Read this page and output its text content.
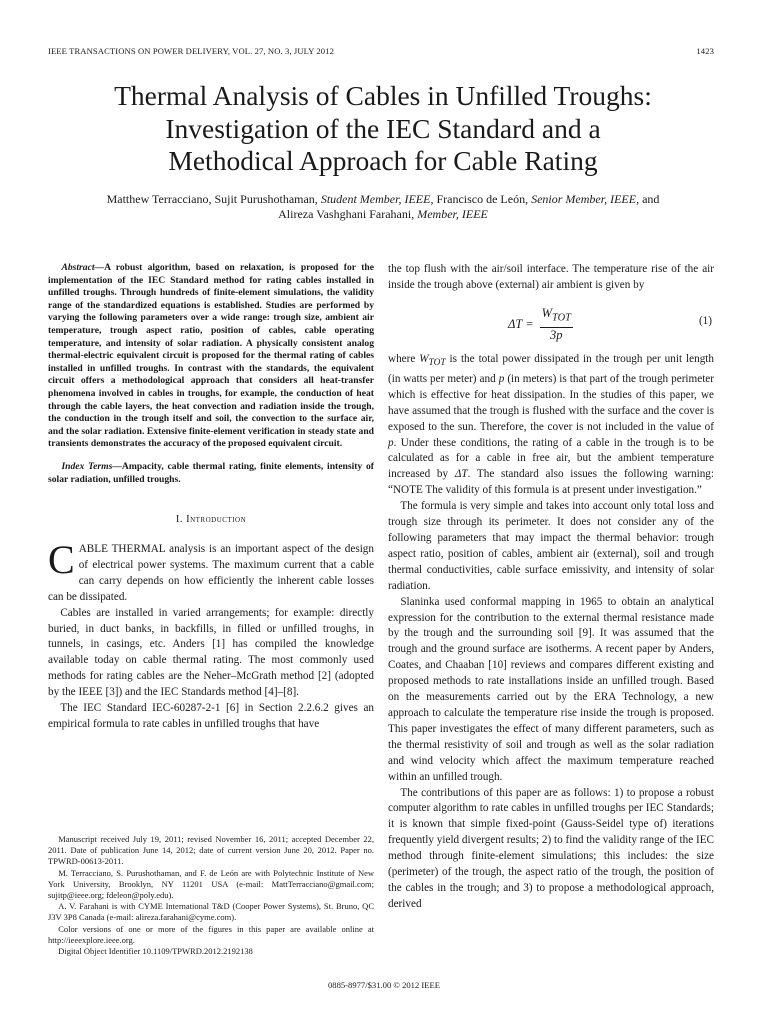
IEEE TRANSACTIONS ON POWER DELIVERY, VOL. 27, NO. 3, JULY 2012	1423
Thermal Analysis of Cables in Unfilled Troughs:
Investigation of the IEC Standard and a
Methodical Approach for Cable Rating
Matthew Terracciano, Sujit Purushothaman, Student Member, IEEE, Francisco de León, Senior Member, IEEE, and
Alireza Vashghani Farahani, Member, IEEE

Abstract—A robust algorithm, based on relaxation, is proposed for the implementation of the IEC Standard method for rating cables installed in unfilled troughs. Through hundreds of finite-element simulations, the validity range of the standardized equations is established. Studies are performed by varying the following parameters over a wide range: trough size, ambient air temperature, trough aspect ratio, position of cables, cable operating temperature, and intensity of solar radiation. A physically consistent analog thermal-electric equivalent circuit is proposed for the thermal rating of cables installed in unfilled troughs. In contrast with the standards, the equivalent circuit offers a methodological approach that considers all heat-transfer phenomena involved in cables in troughs, for example, the conduction of heat through the cable layers, the heat convection and radiation inside the trough, the conduction in the trough itself and soil, the convection to the surface air, and the solar radiation. Extensive finite-element verification in steady state and transients demonstrates the accuracy of the proposed equivalent circuit.

Index Terms—Ampacity, cable thermal rating, finite elements, intensity of solar radiation, unfilled troughs.

I. Introduction

CABLE THERMAL analysis is an important aspect of the design of electrical power systems. The maximum current that a cable can carry depends on how efficiently the inherent cable losses can be dissipated.

Cables are installed in varied arrangements; for example: directly buried, in duct banks, in backfills, in filled or unfilled troughs, in tunnels, in casings, etc. Anders [1] has compiled the knowledge available today on cable thermal rating. The most commonly used methods for rating cables are the Neher–McGrath method [2] (adopted by the IEEE [3]) and the IEC Standards method [4]–[8].

The IEC Standard IEC-60287-2-1 [6] in Section 2.2.6.2 gives an empirical formula to rate cables in unfilled troughs that have

the top flush with the air/soil interface. The temperature rise of the air inside the trough above (external) air ambient is given by

$\Delta T = \frac{W_{TOT}}{3p}$	(1)

where $W_{TOT}$ is the total power dissipated in the trough per unit length (in watts per meter) and p (in meters) is that part of the trough perimeter which is effective for heat dissipation. In the studies of this paper, we have assumed that the trough is flushed with the surface and the cover is exposed to the sun. Therefore, the cover is not included in the value of p. Under these conditions, the rating of a cable in the trough is to be calculated as for a cable in free air, but the ambient temperature increased by ΔT. The standard also issues the following warning: “NOTE The validity of this formula is at present under investigation.”

The formula is very simple and takes into account only total loss and trough size through its perimeter. It does not consider any of the following parameters that may impact the thermal behavior: trough aspect ratio, position of cables, ambient air (external), soil and trough thermal conductivities, cable surface emissivity, and intensity of solar radiation.

Slaninka used conformal mapping in 1965 to obtain an analytical expression for the contribution to the external thermal resistance made by the trough and the surrounding soil [9]. It was assumed that the trough and the ground surface are isotherms. A recent paper by Anders, Coates, and Chaaban [10] reviews and compares different existing and proposed methods to rate installations inside an unfilled trough. Based on the measurements carried out by the ERA Technology, a new approach to calculate the temperature rise inside the trough is proposed. This paper investigates the effect of many different parameters, such as the thermal resistivity of soil and trough as well as the solar radiation and wind velocity which affect the maximum temperature reached within an unfilled trough.

The contributions of this paper are as follows: 1) to propose a robust computer algorithm to rate cables in unfilled troughs per IEC Standards; it is known that simple fixed-point (Gauss-Seidel type of) iterations frequently yield divergent results; 2) to find the validity range of the IEC method through finite-element simulations; this includes: the size (perimeter) of the trough, the aspect ratio of the trough, the position of the cables in the trough; and 3) to propose a methodological approach, derived

Manuscript received July 19, 2011; revised November 16, 2011; accepted December 22, 2011. Date of publication June 14, 2012; date of current version June 20, 2012. Paper no. TPWRD-00613-2011.

M. Terracciano, S. Purushothaman, and F. de León are with Polytechnic Institute of New York University, Brooklyn, NY 11201 USA (e-mail: MattTerracciano@gmail.com; sujitp@ieee.org; fdeleon@poly.edu).

A. V. Farahani is with CYME International T&D (Cooper Power Systems), St. Bruno, QC J3V 3P8 Canada (e-mail: alireza.farahani@cyme.com).

Color versions of one or more of the figures in this paper are available online at http://ieeexplore.ieee.org.

Digital Object Identifier 10.1109/TPWRD.2012.2192138

0885-8977/$31.00 © 2012 IEEE
